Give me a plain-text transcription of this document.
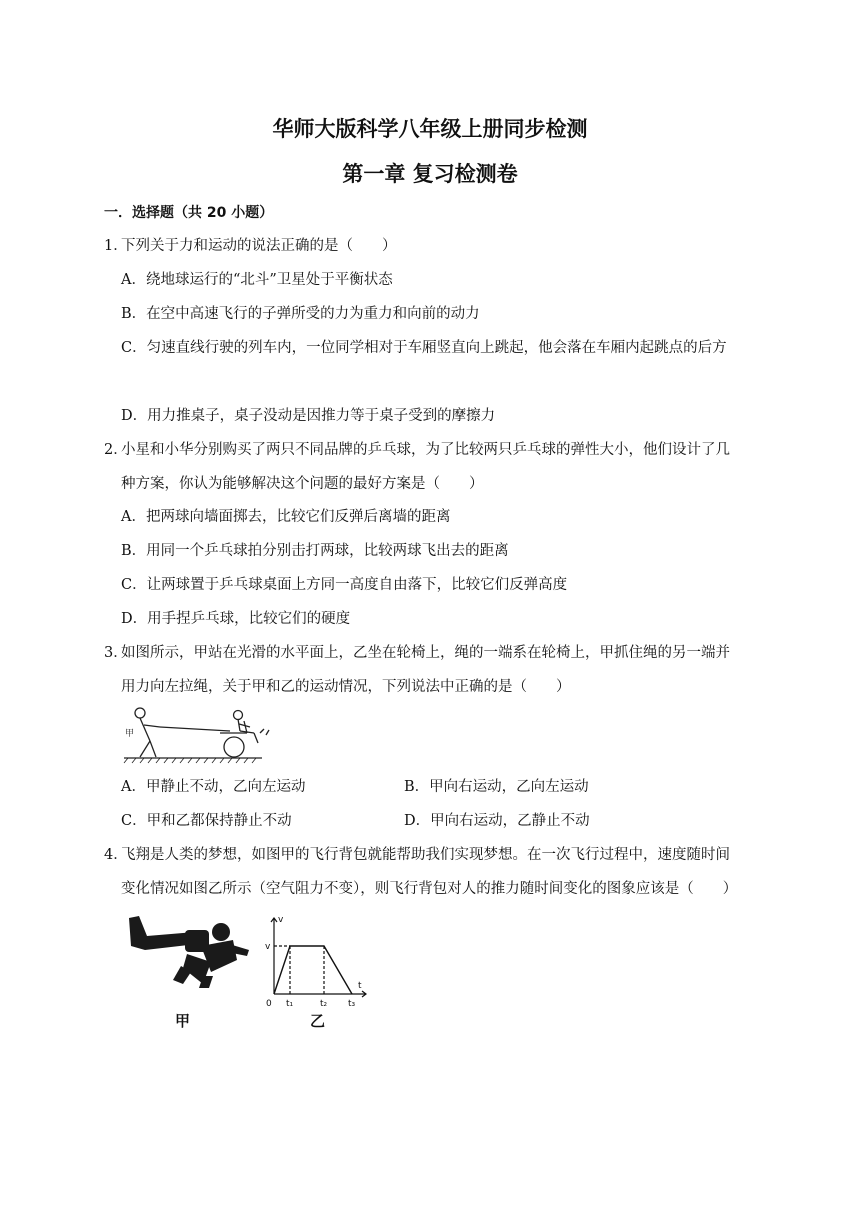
华师大版科学八年级上册同步检测
第一章 复习检测卷
一．选择题（共 20 小题）
1．下列关于力和运动的说法正确的是（　　）
A．绕地球运行的“北斗”卫星处于平衡状态
B．在空中高速飞行的子弹所受的力为重力和向前的动力
C．匀速直线行驶的列车内，一位同学相对于车厢竖直向上跳起，他会落在车厢内起跳点的后方
D．用力推桌子，桌子没动是因推力等于桌子受到的摩擦力
2．小星和小华分别购买了两只不同品牌的乒乓球，为了比较两只乒乓球的弹性大小，他们设计了几
种方案，你认为能够解决这个问题的最好方案是（　　）
A．把两球向墙面掷去，比较它们反弹后离墙的距离
B．用同一个乒乓球拍分别击打两球，比较两球飞出去的距离
C．让两球置于乒乓球桌面上方同一高度自由落下，比较它们反弹高度
D．用手捏乒乓球，比较它们的硬度
3．如图所示，甲站在光滑的水平面上，乙坐在轮椅上，绳的一端系在轮椅上，甲抓住绳的另一端并
用力向左拉绳，关于甲和乙的运动情况，下列说法中正确的是（　　）
甲
A．甲静止不动，乙向左运动	B．甲向右运动，乙向左运动
C．甲和乙都保持静止不动	D．甲向右运动，乙静止不动
4．飞翔是人类的梦想，如图甲的飞行背包就能帮助我们实现梦想。在一次飞行过程中，速度随时间
变化情况如图乙所示（空气阻力不变），则飞行背包对人的推力随时间变化的图象应该是（　　）
甲
v
t
v
0 t₁	t₂ t₃
乙
